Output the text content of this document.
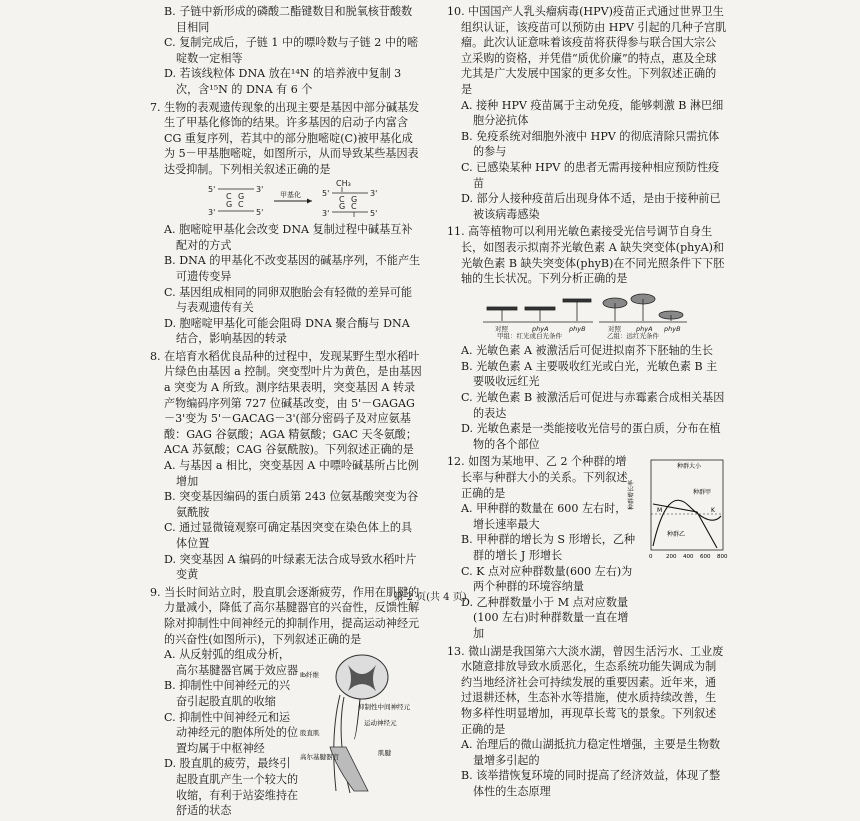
B. 子链中新形成的磷酸二酯键数目和脱氧核苷酸数目相同
C. 复制完成后，子链 1 中的嘌呤数与子链 2 中的嘧啶数一定相等
D. 若该线粒体 DNA 放在¹⁴N 的培养液中复制 3 次，含¹⁵N 的 DNA 有 6 个
7. 生物的表观遗传现象的出现主要是基因中部分碱基发生了甲基化修饰的结果。许多基因的启动子内富含 CG 重复序列，若其中的部分胞嘧啶(C)被甲基化成为 5－甲基胞嘧啶，如图所示，从而导致某些基因表达受抑制。下列相关叙述正确的是
5'	3'
C G
G C
3'	5'
甲基化
CH₃
5'	3'
C G
G C
3'	5'
A. 胞嘧啶甲基化会改变 DNA 复制过程中碱基互补配对的方式
B. DNA 的甲基化不改变基因的碱基序列，不能产生可遗传变异
C. 基因组成相同的同卵双胞胎会有轻微的差异可能与表观遗传有关
D. 胞嘧啶甲基化可能会阻碍 DNA 聚合酶与 DNA 结合，影响基因的转录
8. 在培育水稻优良品种的过程中，发现某野生型水稻叶片绿色由基因 a 控制。突变型叶片为黄色，是由基因 a 突变为 A 所致。测序结果表明，突变基因 A 转录产物编码序列第 727 位碱基改变，由 5'－GAGAG－3'变为 5'－GACAG－3'(部分密码子及对应氨基酸：GAG 谷氨酸；AGA 精氨酸；GAC 天冬氨酸；ACA 苏氨酸；CAG 谷氨酰胺)。下列叙述正确的是
A. 与基因 a 相比，突变基因 A 中嘌呤碱基所占比例增加
B. 突变基因编码的蛋白质第 243 位氨基酸突变为谷氨酰胺
C. 通过显微镜观察可确定基因突变在染色体上的具体位置
D. 突变基因 A 编码的叶绿素无法合成导致水稻叶片变黄
9. 当长时间站立时，股直肌会逐渐疲劳，作用在肌腱的力量减小，降低了高尔基腱器官的兴奋性，反馈性解除对抑制性中间神经元的抑制作用，提高运动神经元的兴奋性(如图所示)，下列叙述正确的是
A. 从反射弧的组成分析，高尔基腱器官属于效应器
B. 抑制性中间神经元的兴奋引起股直肌的收缩
C. 抑制性中间神经元和运动神经元的胞体所处的位置均属于中枢神经
D. 股直肌的疲劳，最终引起股直肌产生一个较大的收缩，有利于站姿维持在舒适的状态
Ib纤维
抑制性中间神经元
运动神经元
股直肌
高尔基腱器官	肌腱
10. 中国国产人乳头瘤病毒(HPV)疫苗正式通过世界卫生组织认证，该疫苗可以预防由 HPV 引起的几种子宫肌瘤。此次认证意味着该疫苗将获得参与联合国大宗公立采购的资格，并凭借“质优价廉”的特点，惠及全球尤其是广大发展中国家的更多女性。下列叙述正确的是
A. 接种 HPV 疫苗属于主动免疫，能够刺激 B 淋巴细胞分泌抗体
B. 免疫系统对细胞外液中 HPV 的彻底清除只需抗体的参与
C. 已感染某种 HPV 的患者无需再接种相应预防性疫苗
D. 部分人接种疫苗后出现身体不适，是由于接种前已被该病毒感染
11. 高等植物可以利用光敏色素接受光信号调节自身生长，如图表示拟南芥光敏色素 A 缺失突变体(phyA)和光敏色素 B 缺失突变体(phyB)在不同光照条件下下胚轴的生长状况。下列分析正确的是
对照	phyA	phyB	对照 phyA phyB
甲组：红光或白光条件	乙组：远红光条件
A. 光敏色素 A 被激活后可促进拟南芥下胚轴的生长
B. 光敏色素 A 主要吸收红光或白光，光敏色素 B 主要吸收远红光
C. 光敏色素 B 被激活后可促进与赤霉素合成相关基因的表达
D. 光敏色素是一类能接收光信号的蛋白质，分布在植物的各个部位
12. 如图为某地甲、乙 2 个种群的增长率与种群大小的关系。下列叙述正确的是
A. 甲种群的数量在 600 左右时，增长速率最大
B. 甲种群的增长为 S 形增长，乙种群的增长 J 形增长
C. K 点对应种群数量(600 左右)为两个种群的环境容纳量
D. 乙种群数量小于 M 点对应数量(100 左右)时种群数量一直在增加
种群增长率
种群大小
种群甲
种群乙
K
M
0 200 400 600 800
13. 微山湖是我国第六大淡水湖，曾因生活污水、工业废水随意排放导致水质恶化，生态系统功能失调成为制约当地经济社会可持续发展的重要因素。近年来，通过退耕还林，生态补水等措施，使水质持续改善，生物多样性明显增加，再现草长莺飞的景象。下列叙述正确的是
A. 治理后的微山湖抵抗力稳定性增强，主要是生物数量增多引起的
B. 该举措恢复环境的同时提高了经济效益，体现了整体性的生态原理
第 2 页(共 4 页)
